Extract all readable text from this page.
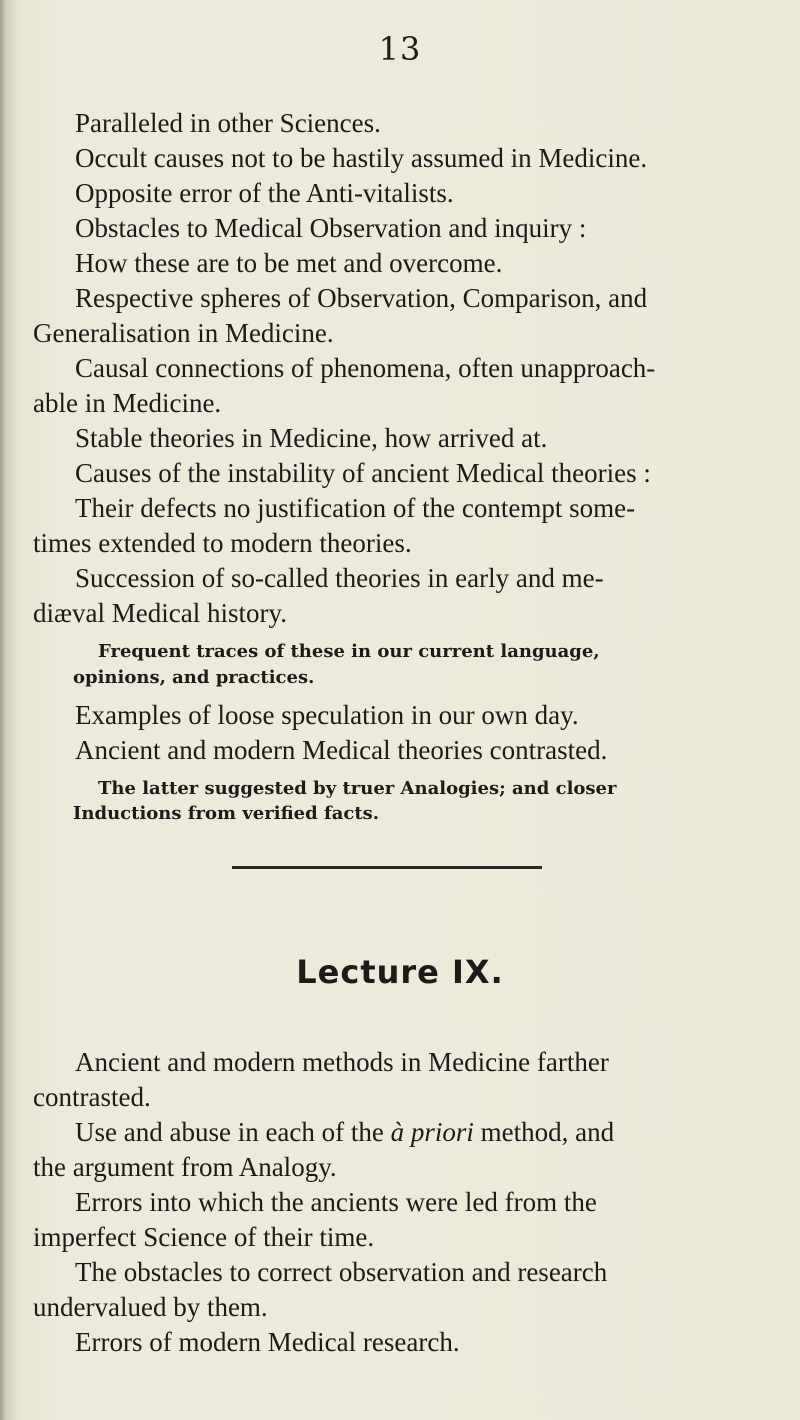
13
Paralleled in other Sciences.
Occult causes not to be hastily assumed in Medicine.
Opposite error of the Anti-vitalists.
Obstacles to Medical Observation and inquiry :
How these are to be met and overcome.
Respective spheres of Observation, Comparison, and
Generalisation in Medicine.
Causal connections of phenomena, often unapproach-
able in Medicine.
Stable theories in Medicine, how arrived at.
Causes of the instability of ancient Medical theories :
Their defects no justification of the contempt some-
times extended to modern theories.
Succession of so-called theories in early and me-
diæval Medical history.
Frequent traces of these in our current language,
opinions, and practices.
Examples of loose speculation in our own day.
Ancient and modern Medical theories contrasted.
The latter suggested by truer Analogies; and closer
Inductions from verified facts.
Lecture IX.
Ancient and modern methods in Medicine farther
contrasted.
Use and abuse in each of the à priori method, and
the argument from Analogy.
Errors into which the ancients were led from the
imperfect Science of their time.
The obstacles to correct observation and research
undervalued by them.
Errors of modern Medical research.
